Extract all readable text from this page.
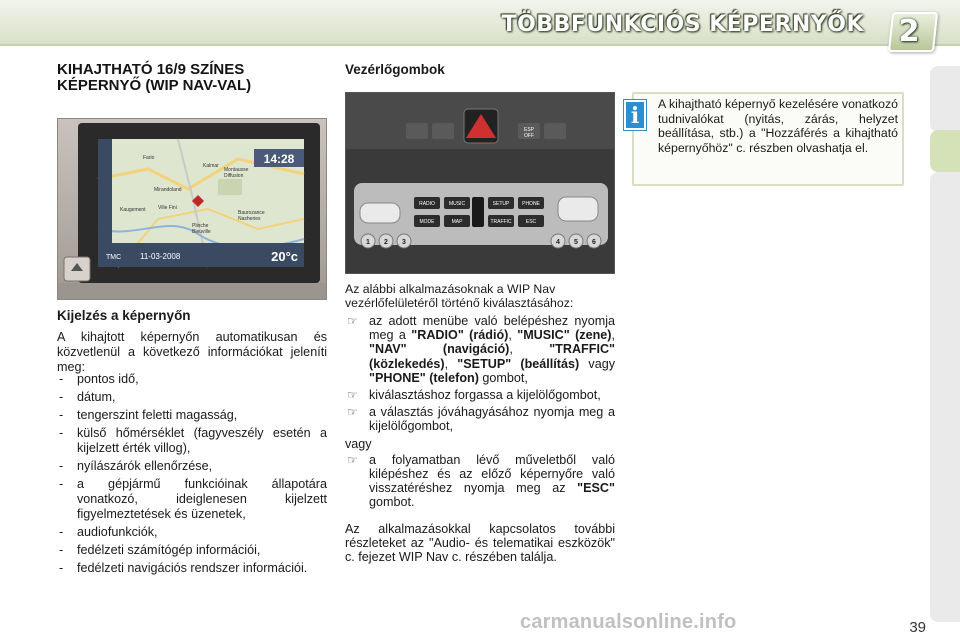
TÖBBFUNKCIÓS KÉPERNYŐK 2
KIHAJTHATÓ 16/9 SZÍNES
KÉPERNYŐ (WIP NAV-VAL)
14:28
TMC 11-03-2008	20°c
Fario
Kalmar
Montausse
Diffusion
Mirandoland
Kaugement Ville Fini
Baurozance
Nasheries
Plinche
Bleuville
Kijelzés a képernyőn
A kihajtott képernyőn automatikusan és közvetlenül a következő információkat jeleníti meg:
- pontos idő,
- dátum,
- tengerszint feletti magasság,
- külső hőmérséklet (fagyveszély esetén a kijelzett érték villog),
- nyílászárók ellenőrzése,
- a gépjármű funkcióinak állapotára vonatkozó, ideiglenesen kijelzett figyelmeztetések és üzenetek,
- audiofunkciók,
- fedélzeti számítógép információi,
- fedélzeti navigációs rendszer információi.
Vezérlőgombok
ESP
OFF
RADIO	MUSIC	SETUP	PHONE
MODE	MAP	TRAFFIC	ESC
1 2 3	4 5 6
Az alábbi alkalmazásoknak a WIP Nav vezérlőfelületéről történő kiválasztásához:
☞ az adott menübe való belépéshez nyomja meg a "RADIO" (rádió), "MUSIC" (zene), "NAV" (navigáció), "TRAFFIC" (közlekedés), "SETUP" (beállítás) vagy "PHONE" (telefon) gombot,
☞ kiválasztáshoz forgassa a kijelölőgombot,
☞ a választás jóváhagyásához nyomja meg a kijelölőgombot,
vagy
☞ a folyamatban lévő műveletből való kilépéshez és az előző képernyőre való visszatéréshez nyomja meg az "ESC" gombot.
Az alkalmazásokkal kapcsolatos további részleteket az "Audio- és telematikai eszközök" c. fejezet WIP Nav c. részében találja.
i	A kihajtható képernyő kezelésére vonatkozó tudnivalókat (nyitás, zárás, helyzet beállítása, stb.) a "Hozzáférés a kihajtható képernyőhöz" c. részben olvashatja el.
carmanualsonline.info	39
